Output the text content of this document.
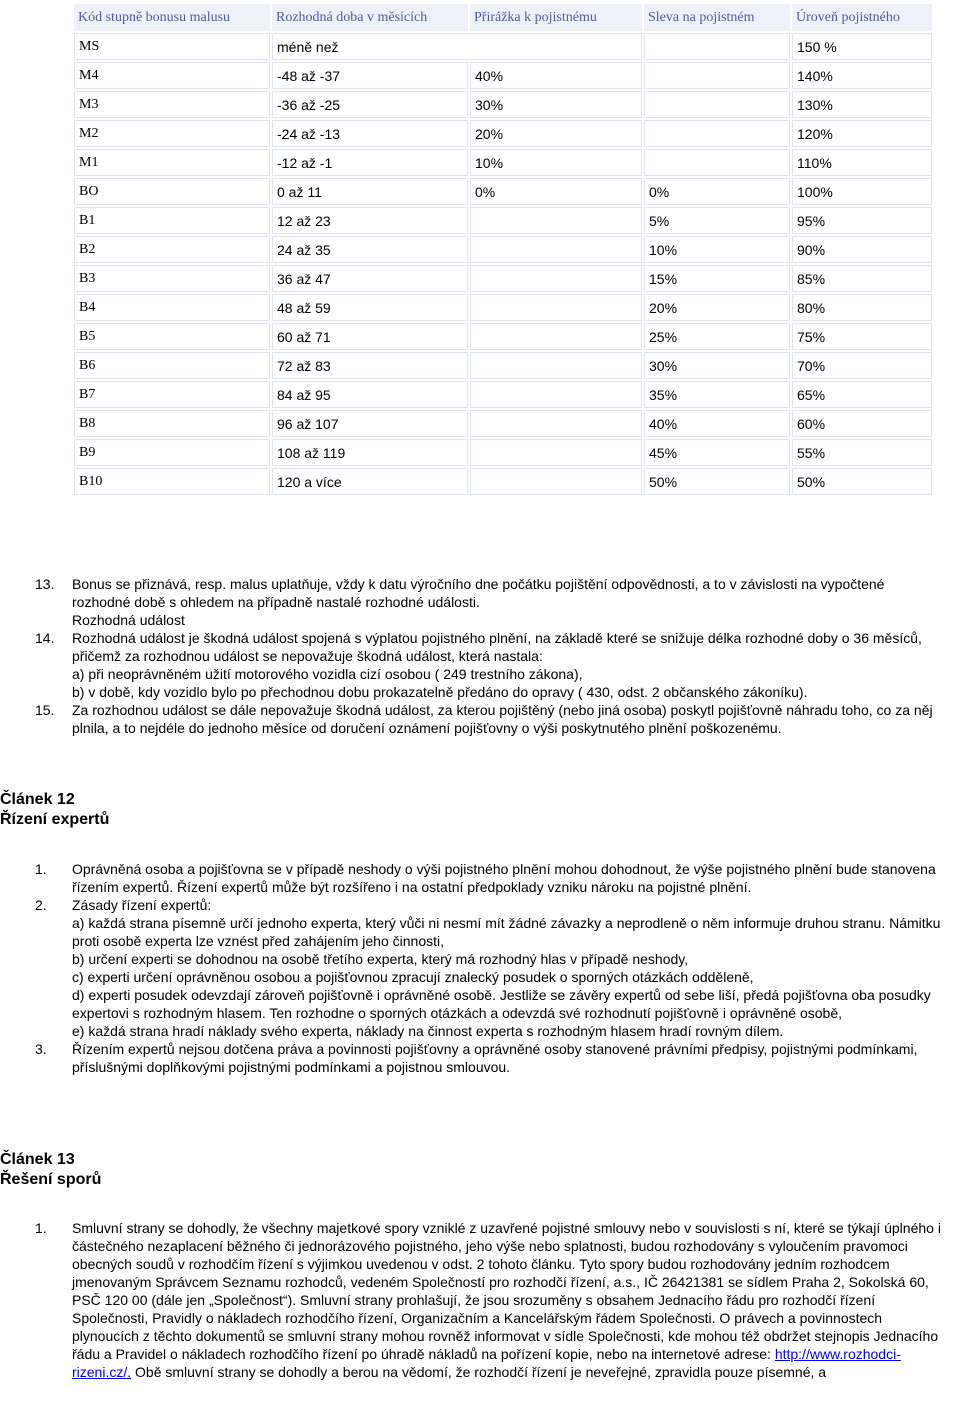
Kód stupně bonusu malusu	Rozhodná doba v měsících	Přirážka k pojistnému	Sleva na pojistném	Úroveň pojistného
MS	méně než			150 %
M4	-48 až -37	40%		140%
M3	-36 až -25	30%		130%
M2	-24 až -13	20%		120%
M1	-12 až -1	10%		110%
BO	0 až 11	0%	0%	100%
B1	12 až 23		5%	95%
B2	24 až 35		10%	90%
B3	36 až 47		15%	85%
B4	48 až 59		20%	80%
B5	60 až 71		25%	75%
B6	72 až 83		30%	70%
B7	84 až 95		35%	65%
B8	96 až 107		40%	60%
B9	108 až 119		45%	55%
B10	120 a více		50%	50%

13. Bonus se přiznává, resp. malus uplatňuje, vždy k datu výročního dne počátku pojištění odpovědnosti, a to v závislosti na vypočtené rozhodné době s ohledem na případně nastalé rozhodné události.

Rozhodná událost

14. Rozhodná událost je škodná událost spojená s výplatou pojistného plnění, na základě které se snižuje délka rozhodné doby o 36 měsíců, přičemž za rozhodnou událost se nepovažuje škodná událost, která nastala:

a) při neoprávněném užití motorového vozidla cizí osobou ( 249 trestního zákona),

b) v době, kdy vozidlo bylo po přechodnou dobu prokazatelně předáno do opravy ( 430, odst. 2 občanského zákoníku).

15. Za rozhodnou událost se dále nepovažuje škodná událost, za kterou pojištěný (nebo jiná osoba) poskytl pojišťovně náhradu toho, co za něj plnila, a to nejdéle do jednoho měsíce od doručení oznámení pojišťovny o výši poskytnutého plnění poškozenému.

Článek 12
Řízení expertů
1. Oprávněná osoba a pojišťovna se v případě neshody o výši pojistného plnění mohou dohodnout, že výše pojistného plnění bude stanovena řízením expertů. Řízení expertů může být rozšířeno i na ostatní předpoklady vzniku nároku na pojistné plnění.

2. Zásady řízení expertů:

a) každá strana písemně určí jednoho experta, který vůči ni nesmí mít žádné závazky a neprodleně o něm informuje druhou stranu. Námitku proti osobě experta lze vznést před zahájením jeho činnosti,

b) určení experti se dohodnou na osobě třetího experta, který má rozhodný hlas v případě neshody,

c) experti určení oprávněnou osobou a pojišťovnou zpracují znalecký posudek o sporných otázkách odděleně,

d) experti posudek odevzdají zároveň pojišťovně i oprávněné osobě. Jestliže se závěry expertů od sebe liší, předá pojišťovna oba posudky expertovi s rozhodným hlasem. Ten rozhodne o sporných otázkách a odevzdá své rozhodnutí pojišťovně i oprávněné osobě,

e) každá strana hradí náklady svého experta, náklady na činnost experta s rozhodným hlasem hradí rovným dílem.

3. Řízením expertů nejsou dotčena práva a povinnosti pojišťovny a oprávněné osoby stanovené právními předpisy, pojistnými podmínkami, příslušnými doplňkovými pojistnými podmínkami a pojistnou smlouvou.

Článek 13
Řešení sporů
1. Smluvní strany se dohodly, že všechny majetkové spory vzniklé z uzavřené pojistné smlouvy nebo v souvislosti s ní, které se týkají úplného i částečného nezaplacení běžného či jednorázového pojistného, jeho výše nebo splatnosti, budou rozhodovány s vyloučením pravomoci obecných soudů v rozhodčím řízení s výjimkou uvedenou v odst. 2 tohoto článku. Tyto spory budou rozhodovány jedním rozhodcem jmenovaným Správcem Seznamu rozhodců, vedeném Společností pro rozhodčí řízení, a.s., IČ 26421381 se sídlem Praha 2, Sokolská 60, PSČ 120 00 (dále jen „Společnost“). Smluvní strany prohlašují, že jsou srozuměny s obsahem Jednacího řádu pro rozhodčí řízení Společnosti, Pravidly o nákladech rozhodčího řízení, Organizačním a Kancelářským řádem Společnosti. O právech a povinnostech plynoucích z těchto dokumentů se smluvní strany mohou rovněž informovat v sídle Společnosti, kde mohou též obdržet stejnopis Jednacího řádu a Pravidel o nákladech rozhodčího řízení po úhradě nákladů na pořízení kopie, nebo na internetové adrese: http://www.rozhodci-rizeni.cz/. Obě smluvní strany se dohodly a berou na vědomí, že rozhodčí řízení je neveřejné, zpravidla pouze písemné, a
